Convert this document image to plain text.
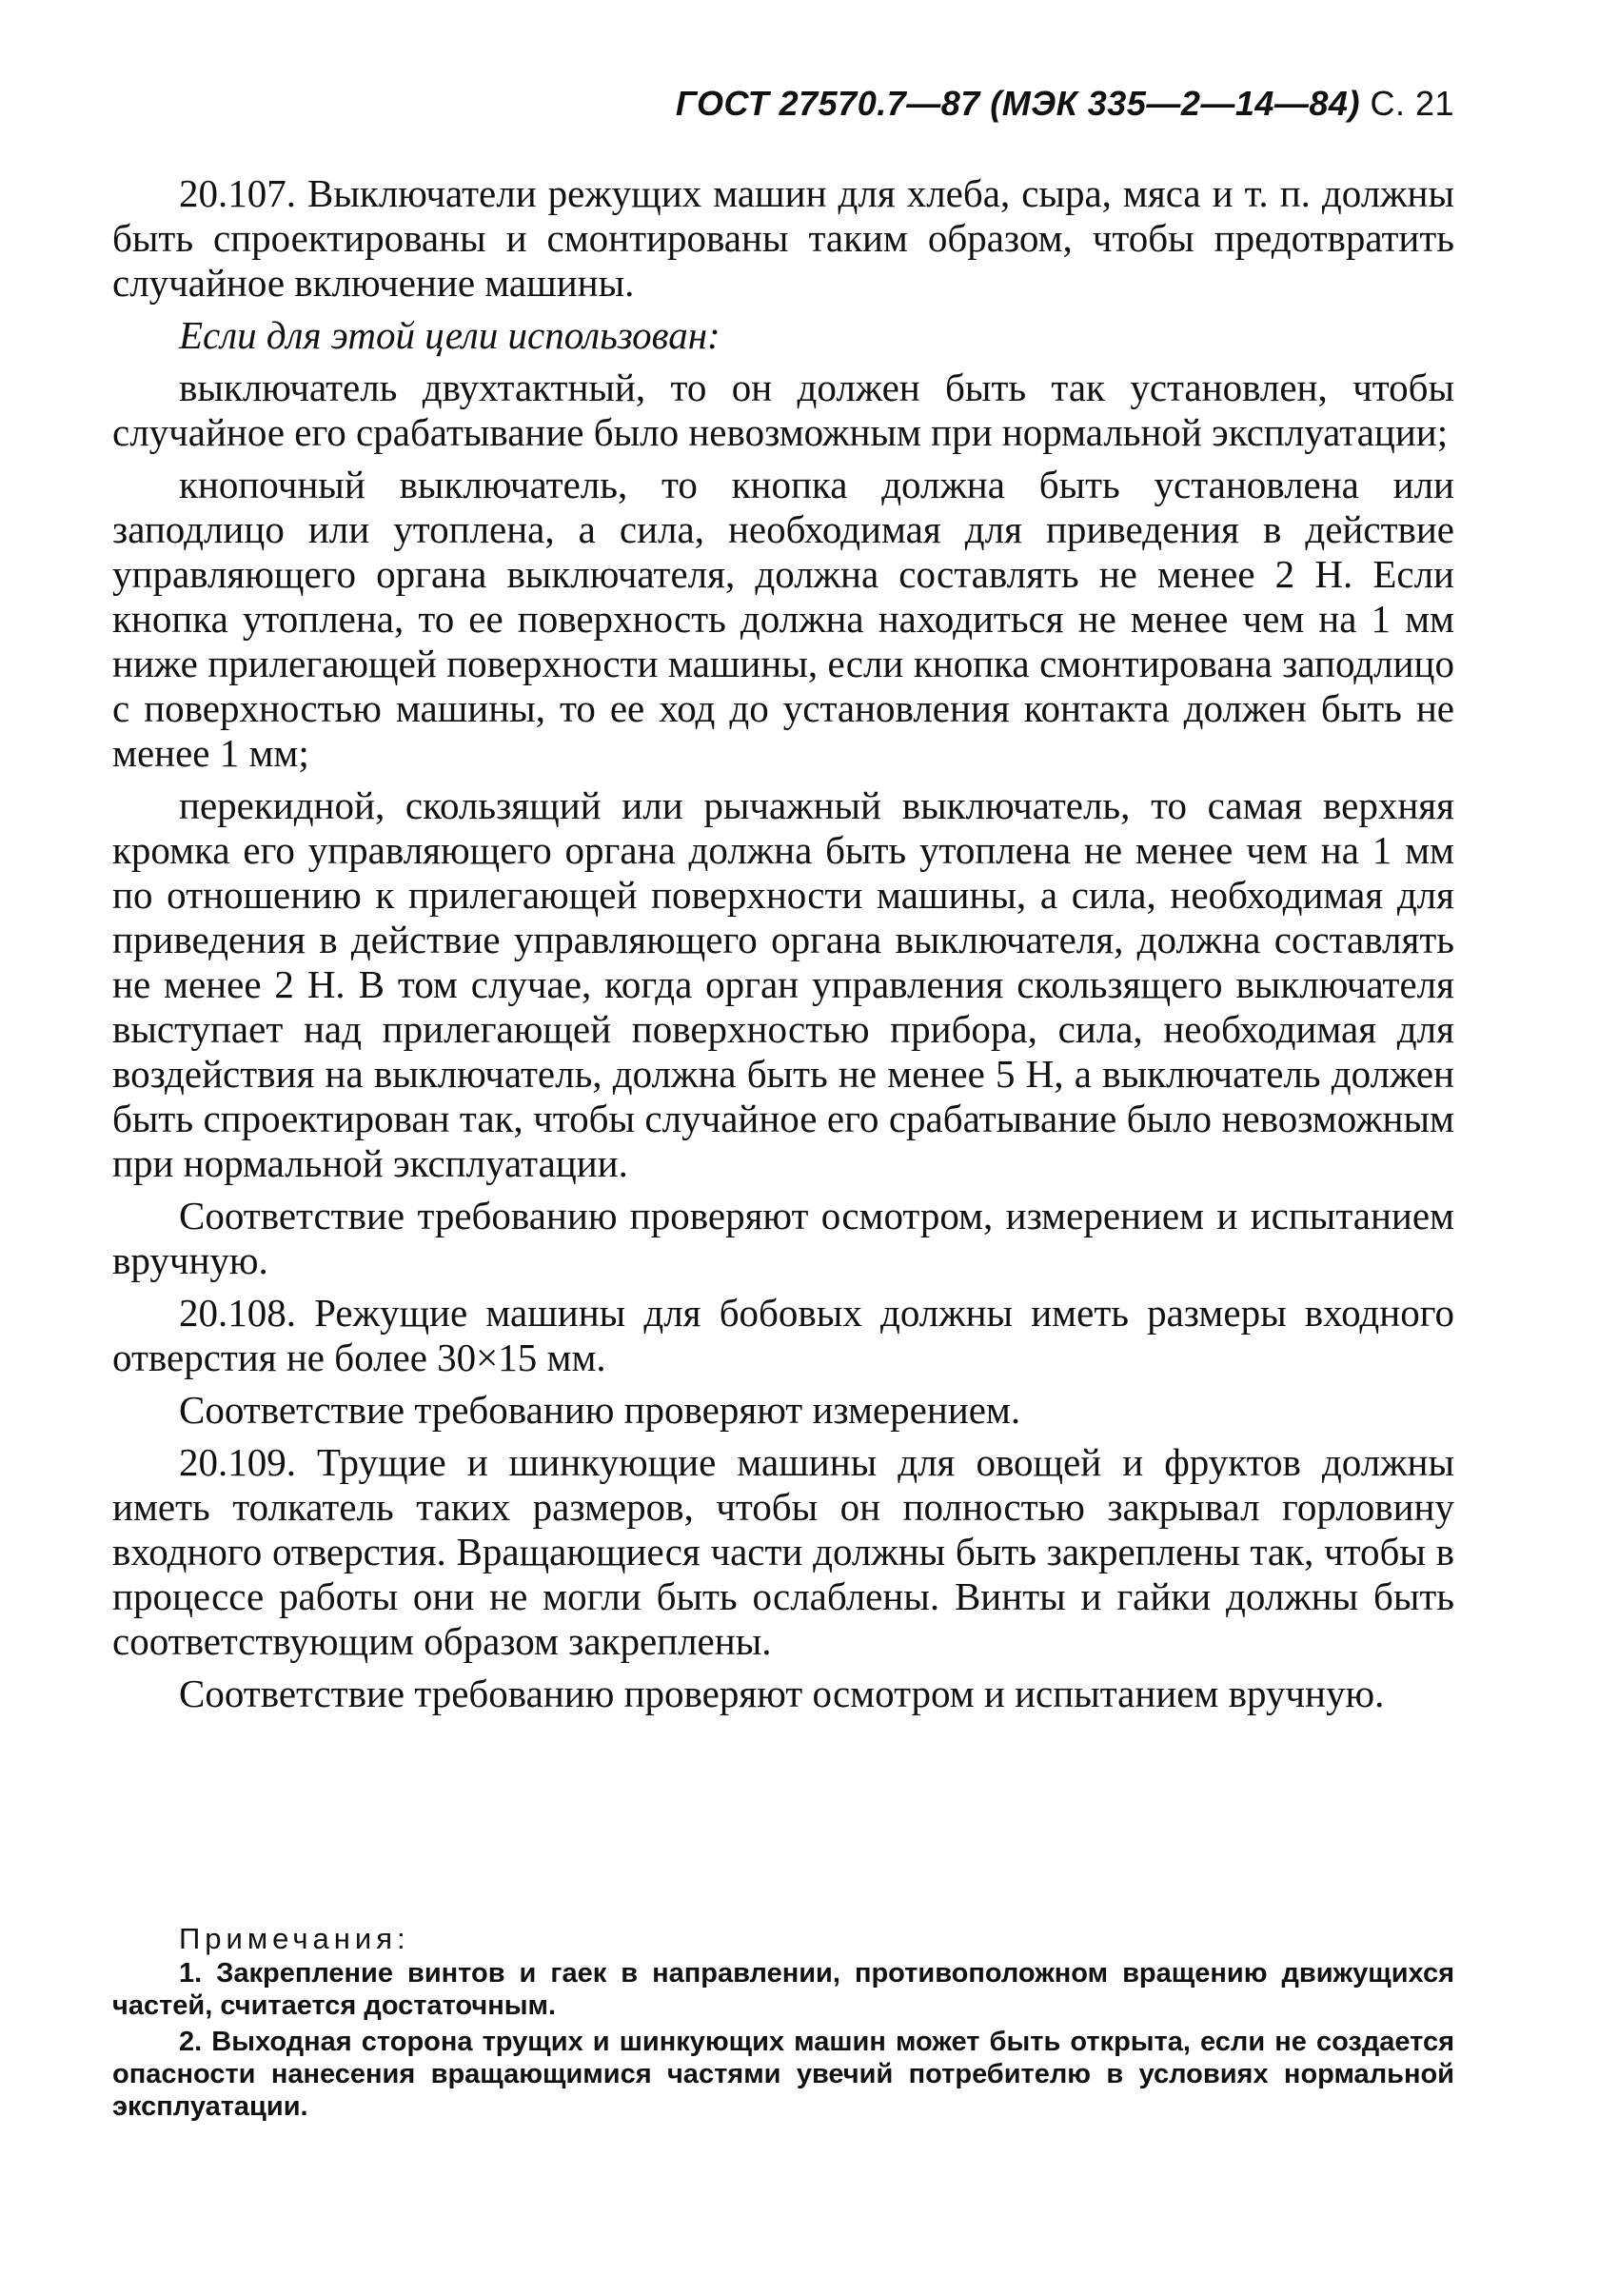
ГОСТ 27570.7—87 (МЭК 335—2—14—84) С. 21

20.107. Выключатели режущих машин для хлеба, сыра, мяса и т. п. должны быть спроектированы и смонтированы таким образом, чтобы предотвратить случайное включение машины.

Если для этой цели использован:

выключатель двухтактный, то он должен быть так установлен, чтобы случайное его срабатывание было невозможным при нормальной эксплуатации;

кнопочный выключатель, то кнопка должна быть установлена или заподлицо или утоплена, а сила, необходимая для приведения в действие управляющего органа выключателя, должна составлять не менее 2 Н. Если кнопка утоплена, то ее поверхность должна находиться не менее чем на 1 мм ниже прилегающей поверхности машины, если кнопка смонтирована заподлицо с поверхностью машины, то ее ход до установления контакта должен быть не менее 1 мм;

перекидной, скользящий или рычажный выключатель, то самая верхняя кромка его управляющего органа должна быть утоплена не менее чем на 1 мм по отношению к прилегающей поверхности машины, а сила, необходимая для приведения в действие управляющего органа выключателя, должна составлять не менее 2 Н. В том случае, когда орган управления скользящего выключателя выступает над прилегающей поверхностью прибора, сила, необходимая для воздействия на выключатель, должна быть не менее 5 Н, а выключатель должен быть спроектирован так, чтобы случайное его срабатывание было невозможным при нормальной эксплуатации.

Соответствие требованию проверяют осмотром, измерением и испытанием вручную.

20.108. Режущие машины для бобовых должны иметь размеры входного отверстия не более 30×15 мм.

Соответствие требованию проверяют измерением.

20.109. Трущие и шинкующие машины для овощей и фруктов должны иметь толкатель таких размеров, чтобы он полностью закрывал горловину входного отверстия. Вращающиеся части должны быть закреплены так, чтобы в процессе работы они не могли быть ослаблены. Винты и гайки должны быть соответствующим образом закреплены.

Соответствие требованию проверяют осмотром и испытанием вручную.

Примечания:

1. Закрепление винтов и гаек в направлении, противоположном вращению движущихся частей, считается достаточным.

2. Выходная сторона трущих и шинкующих машин может быть открыта, если не создается опасности нанесения вращающимися частями увечий потребителю в условиях нормальной эксплуатации.
